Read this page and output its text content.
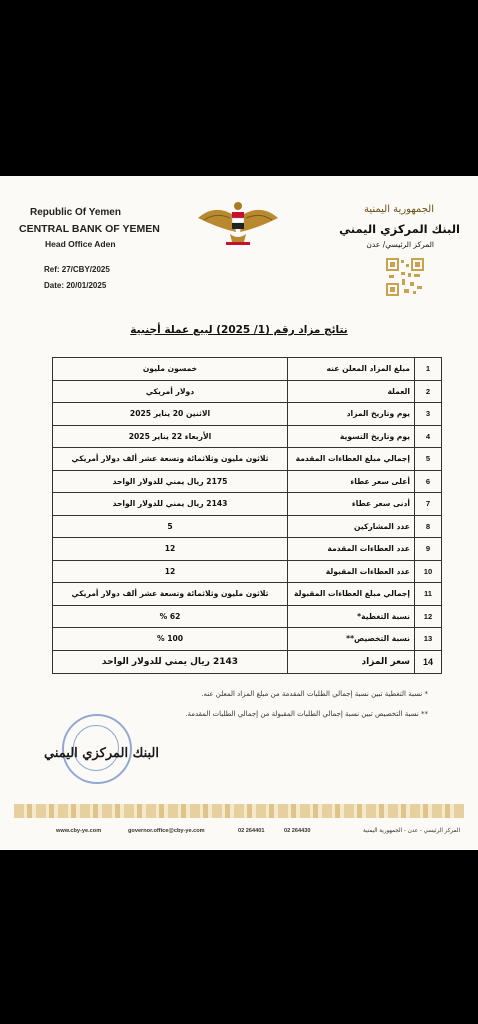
Republic Of Yemen
CENTRAL BANK OF YEMEN
Head Office Aden
Ref: 27/CBY/2025
Date: 20/01/2025
الجمهورية اليمنية
البنك المركزي اليمني
المركز الرئيسي/ عدن
نتائج مزاد رقم (1/ 2025) لبيع عملة أجنبية
1	مبلغ المزاد المعلن عنه	خمسون مليون
2	العملة	دولار أمريكي
3	يوم وتاريخ المزاد	الاثنين 20 يناير 2025
4	يوم وتاريخ التسوية	الأربعاء 22 يناير 2025
5	إجمالي مبلغ العطاءات المقدمة	ثلاثون مليون وثلاثمائة وتسعة عشر ألف دولار أمريكي
6	أعلى سعر عطاء	2175 ريال يمني للدولار الواحد
7	أدنى سعر عطاء	2143 ريال يمني للدولار الواحد
8	عدد المشاركين	5
9	عدد العطاءات المقدمة	12
10	عدد العطاءات المقبولة	12
11	إجمالي مبلغ العطاءات المقبولة	ثلاثون مليون وثلاثمائة وتسعة عشر ألف دولار أمريكي
12	نسبة التغطية*	62 %
13	نسبة التخصيص**	100 %
14	سعر المزاد	2143 ريال يمني للدولار الواحد
* نسبة التغطية تبين نسبة إجمالي الطلبات المقدمة من مبلغ المزاد المعلن عنه.
** نسبة التخصيص تبين نسبة إجمالي الطلبات المقبولة من إجمالي الطلبات المقدمة.
البنك المركزي اليمني
www.cby-ye.com	governor.office@cby-ye.com	02 264401	02 264430	المركز الرئيسي - عدن - الجمهورية اليمنية
